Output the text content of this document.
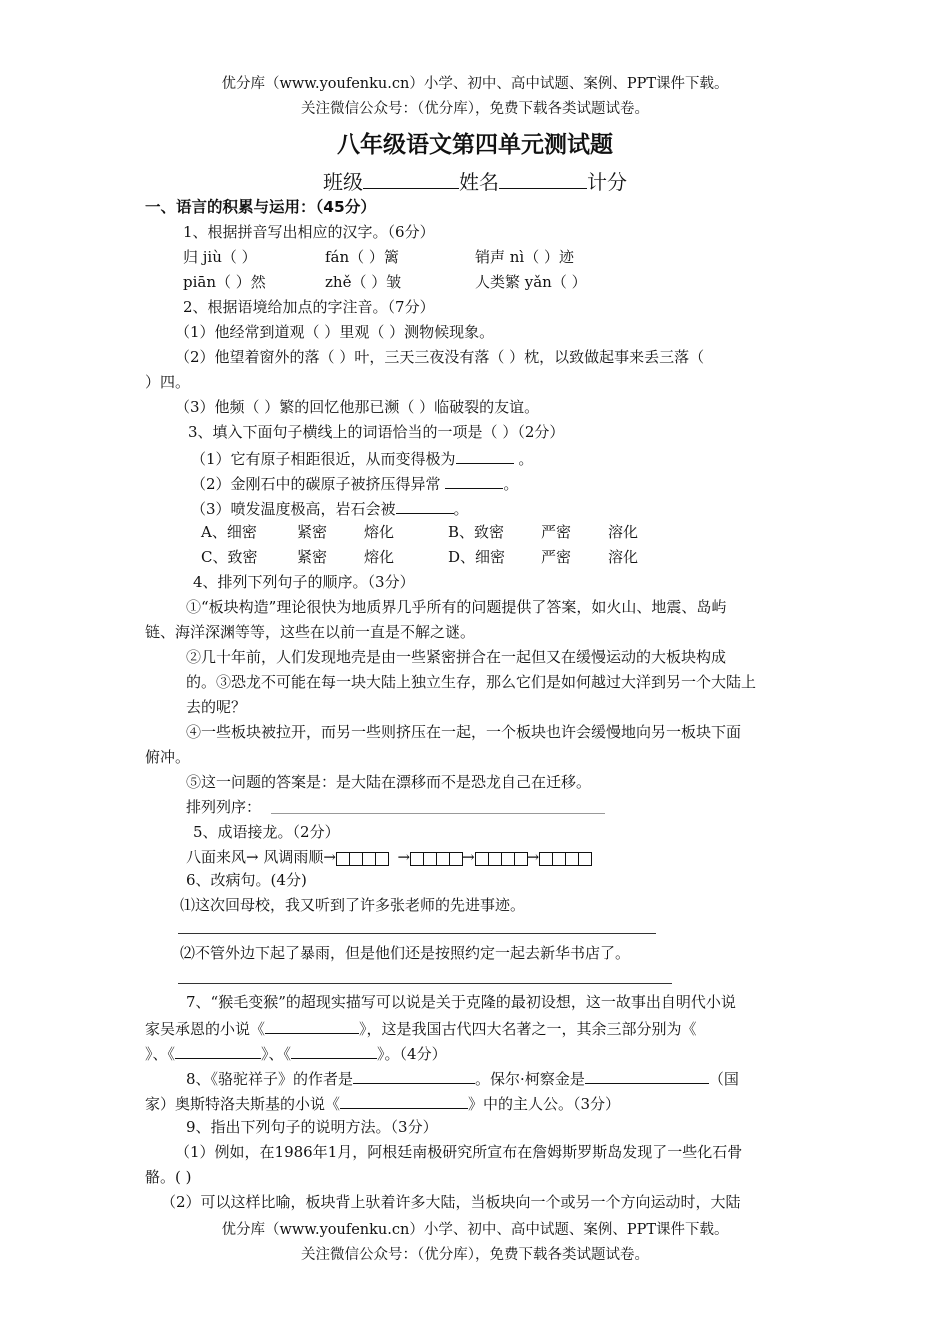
优分库（www.youfenku.cn）小学、初中、高中试题、案例、PPT课件下载。
关注微信公众号：（优分库），免费下载各类试题试卷。
八年级语文第四单元测试题
班级	姓名	计分
一、语言的积累与运用：（45分）
1、根据拼音写出相应的汉字。（6分）
归 jiù（ ）	fán（ ）篱	销声 nì（ ）迹
piān（ ）然	zhě（ ）皱	人类繁 yǎn（ ）
2、根据语境给加点的字注音。（7分）
（1）他经常到道观（ ）里观（ ）测物候现象。
（2）他望着窗外的落（ ）叶，三天三夜没有落（ ）枕，以致做起事来丢三落（
）四。
（3）他频（ ）繁的回忆他那已濒（ ）临破裂的友谊。
3、填入下面句子横线上的词语恰当的一项是（ ）（2分）
（1）它有原子相距很近，从而变得极为	。
（2）金刚石中的碳原子被挤压得异常	。
（3）喷发温度极高，岩石会被	。
A、细密	紧密 熔化	B、致密 严密 溶化
C、致密	紧密 熔化	D、细密 严密 溶化
4、排列下列句子的顺序。（3分）
①“板块构造”理论很快为地质界几乎所有的问题提供了答案，如火山、地震、岛屿
链、海洋深渊等等，这些在以前一直是不解之谜。
②几十年前，人们发现地壳是由一些紧密拼合在一起但又在缓慢运动的大板块构成
的。③恐龙不可能在每一块大陆上独立生存，那么它们是如何越过大洋到另一个大陆上
去的呢？
④一些板块被拉开，而另一些则挤压在一起，一个板块也许会缓慢地向另一板块下面
俯冲。
⑤这一问题的答案是：是大陆在漂移而不是恐龙自己在迁移。
排列列序：
5、成语接龙。（2分）
八面来风→ 风调雨顺→	→	→	→
6、改病句。(4分)
⑴这次回母校，我又听到了许多张老师的先进事迹。
⑵不管外边下起了暴雨，但是他们还是按照约定一起去新华书店了。
7、“猴毛变猴”的超现实描写可以说是关于克隆的最初设想，这一故事出自明代小说
家吴承恩的小说《	》，这是我国古代四大名著之一，其余三部分别为《
》、《	》、《	》。（4分）
8、《骆驼祥子》的作者是	。保尔·柯察金是	（国
家）奥斯特洛夫斯基的小说《	》中的主人公。（3分）
9、指出下列句子的说明方法。（3分）
（1）例如，在1986年1月，阿根廷南极研究所宣布在詹姆斯罗斯岛发现了一些化石骨
骼。( )
（2）可以这样比喻，板块背上驮着许多大陆，当板块向一个或另一个方向运动时，大陆
优分库（www.youfenku.cn）小学、初中、高中试题、案例、PPT课件下载。
关注微信公众号：（优分库），免费下载各类试题试卷。
